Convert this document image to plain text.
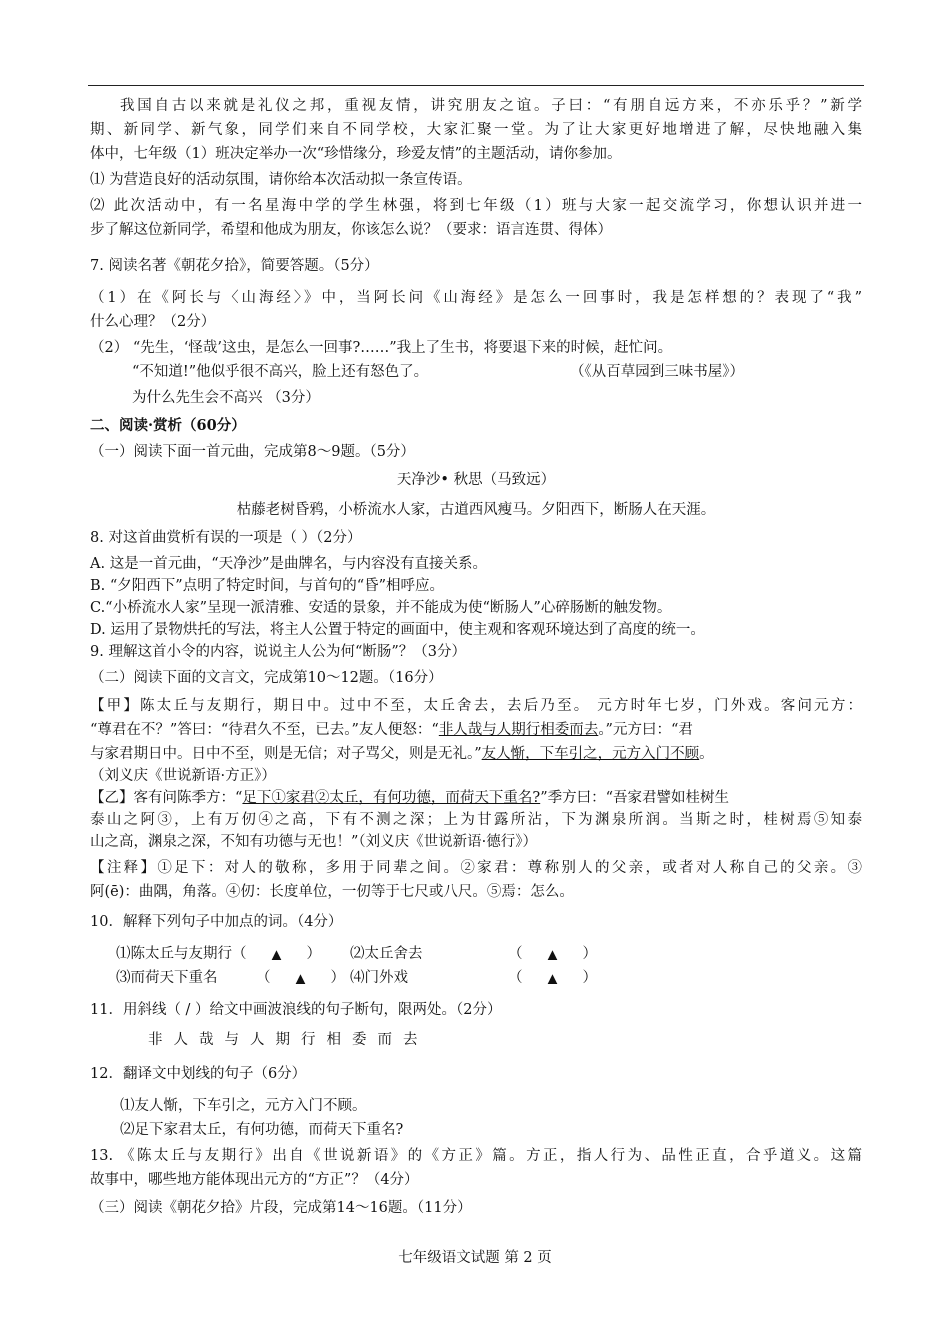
我国自古以来就是礼仪之邦，重视友情，讲究朋友之谊。子曰：“有朋自远方来，不亦乐乎？”新学
期、新同学、新气象，同学们来自不同学校，大家汇聚一堂。为了让大家更好地增进了解，尽快地融入集
体中，七年级（1）班决定举办一次“珍惜缘分，珍爱友情”的主题活动，请你参加。
⑴ 为营造良好的活动氛围，请你给本次活动拟一条宣传语。
⑵ 此次活动中，有一名星海中学的学生林强，将到七年级（1）班与大家一起交流学习，你想认识并进一
步了解这位新同学，希望和他成为朋友，你该怎么说？（要求：语言连贯、得体）
7. 阅读名著《朝花夕拾》，简要答题。（5分）
（1）在《阿长与〈山海经〉》中，当阿长问《山海经》是怎么一回事时，我是怎样想的？表现了“我”
什么心理？（2分）
（2） “先生，‘怪哉’这虫，是怎么一回事?……”我上了生书，将要退下来的时候，赶忙问。
“不知道!”他似乎很不高兴，脸上还有怒色了。	（《从百草园到三味书屋》）
为什么先生会不高兴 （3分）
二、阅读·赏析（60分）
（一）阅读下面一首元曲，完成第8～9题。（5分）
天净沙• 秋思（马致远）
枯藤老树昏鸦，小桥流水人家，古道西风瘦马。夕阳西下，断肠人在天涯。
8. 对这首曲赏析有误的一项是（ ）（2分）
A. 这是一首元曲，“天净沙”是曲牌名，与内容没有直接关系。
B. “夕阳西下”点明了特定时间，与首句的“昏”相呼应。
C.“小桥流水人家”呈现一派清雅、安适的景象，并不能成为使“断肠人”心碎肠断的触发物。
D. 运用了景物烘托的写法，将主人公置于特定的画面中，使主观和客观环境达到了高度的统一。
9. 理解这首小令的内容，说说主人公为何“断肠”？（3分）
（二）阅读下面的文言文，完成第10～12题。（16分）
【甲】陈太丘与友期行，期日中。过中不至，太丘舍去，去后乃至。 元方时年七岁，门外戏。客问元方：
“尊君在不？”答曰：“待君久不至，已去。”友人便怒：“非人哉与人期行相委而去。”元方曰：“君
与家君期日中。日中不至，则是无信；对子骂父，则是无礼。”友人惭，下车引之，元方入门不顾。
（刘义庆《世说新语·方正》）
【乙】客有问陈季方：“足下①家君②太丘，有何功德，而荷天下重名?”季方曰：“吾家君譬如桂树生
泰山之阿③，上有万仞④之高，下有不测之深；上为甘露所沾，下为渊泉所润。当斯之时，桂树焉⑤知泰
山之高，渊泉之深，不知有功德与无也！”（刘义庆《世说新语·德行》）
【注释】①足下：对人的敬称，多用于同辈之间。②家君：尊称别人的父亲，或者对人称自己的父亲。③
阿(ē)：曲隅，角落。④仞：长度单位，一仞等于七尺或八尺。⑤焉：怎么。
10．解释下列句子中加点的词。（4分）
⑴陈太丘与友期行（ ▲ ）	⑵太丘舍去	（ ▲ ）
⑶而荷天下重名	（ ▲ ） ⑷门外戏	（ ▲ ）
11．用斜线（ / ）给文中画波浪线的句子断句，限两处。（2分）
非人哉与人期行相委而去
12．翻译文中划线的句子（6分）
⑴友人惭，下车引之，元方入门不顾。
⑵足下家君太丘，有何功德，而荷天下重名?
13. 《陈太丘与友期行》出自《世说新语》的《方正》篇。方正，指人行为、品性正直，合乎道义。这篇
故事中，哪些地方能体现出元方的“方正”？（4分）
（三）阅读《朝花夕拾》片段，完成第14～16题。（11分）
七年级语文试题 第 2 页
